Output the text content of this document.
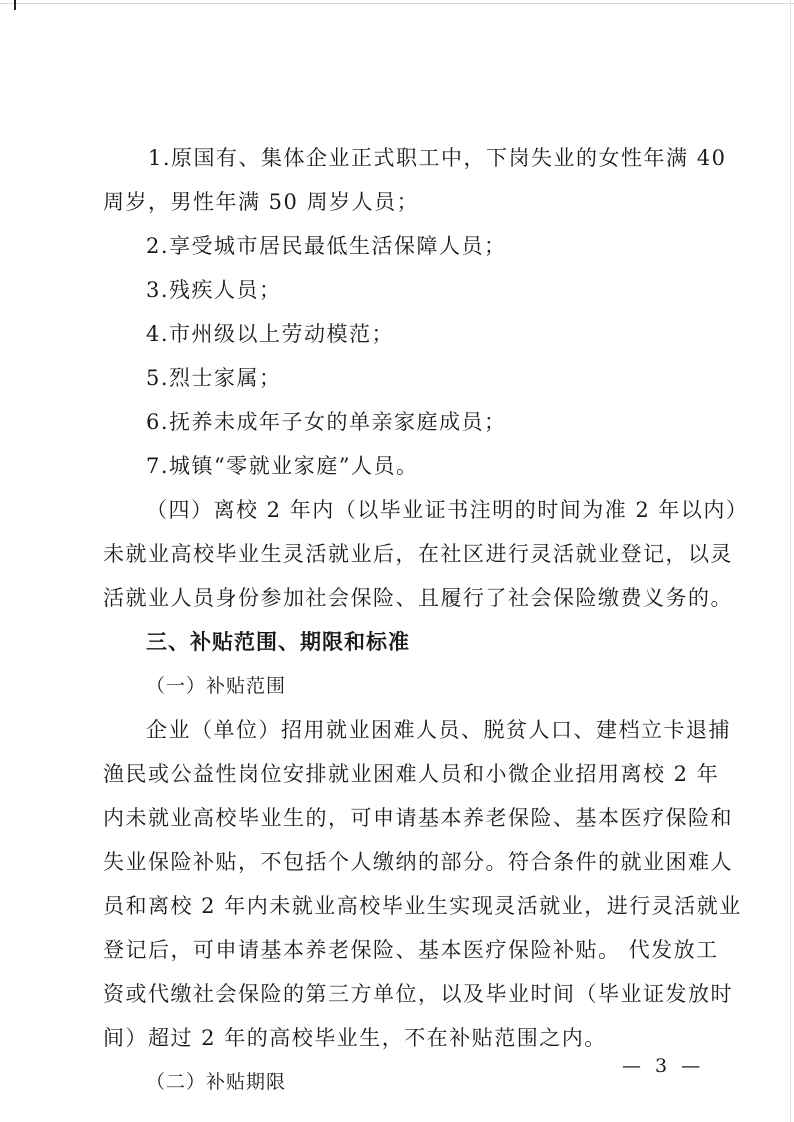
1.原国有、集体企业正式职工中，下岗失业的女性年满 40
周岁，男性年满 50 周岁人员；
2.享受城市居民最低生活保障人员；
3.残疾人员；
4.市州级以上劳动模范；
5.烈士家属；
6.抚养未成年子女的单亲家庭成员；
7.城镇“零就业家庭”人员。
（四）离校 2 年内（以毕业证书注明的时间为准 2 年以内）
未就业高校毕业生灵活就业后，在社区进行灵活就业登记，以灵
活就业人员身份参加社会保险、且履行了社会保险缴费义务的。
三、补贴范围、期限和标准
（一）补贴范围
企业（单位）招用就业困难人员、脱贫人口、建档立卡退捕
渔民或公益性岗位安排就业困难人员和小微企业招用离校 2 年
内未就业高校毕业生的，可申请基本养老保险、基本医疗保险和
失业保险补贴，不包括个人缴纳的部分。符合条件的就业困难人
员和离校 2 年内未就业高校毕业生实现灵活就业，进行灵活就业
登记后，可申请基本养老保险、基本医疗保险补贴。 代发放工
资或代缴社会保险的第三方单位，以及毕业时间（毕业证发放时
间）超过 2 年的高校毕业生，不在补贴范围之内。
（二）补贴期限
— 3 —
